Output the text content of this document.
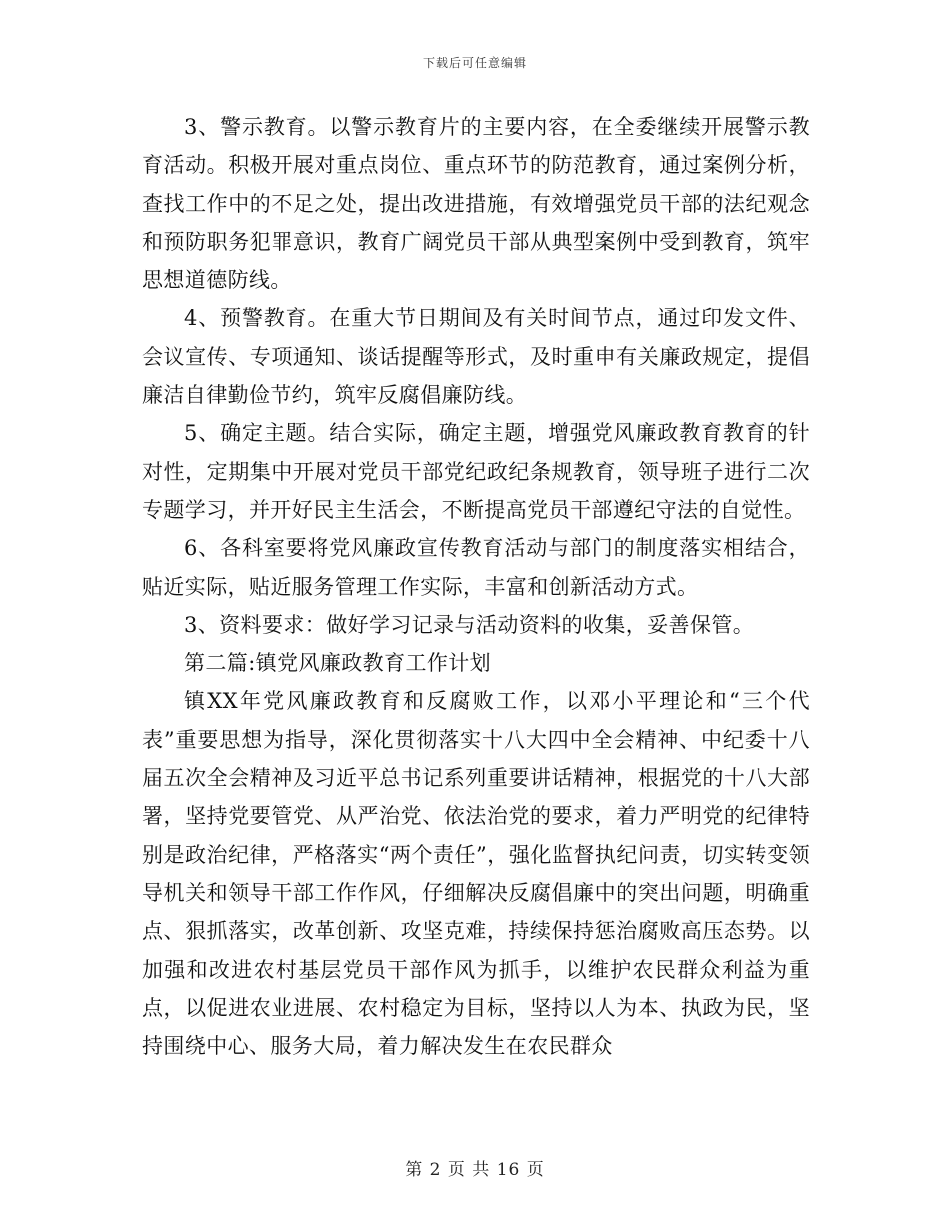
下载后可任意编辑

3、警示教育。以警示教育片的主要内容，在全委继续开展警示教育活动。积极开展对重点岗位、重点环节的防范教育，通过案例分析，查找工作中的不足之处，提出改进措施，有效增强党员干部的法纪观念和预防职务犯罪意识，教育广阔党员干部从典型案例中受到教育，筑牢思想道德防线。

4、预警教育。在重大节日期间及有关时间节点，通过印发文件、会议宣传、专项通知、谈话提醒等形式，及时重申有关廉政规定，提倡廉洁自律勤俭节约，筑牢反腐倡廉防线。

5、确定主题。结合实际，确定主题，增强党风廉政教育教育的针对性，定期集中开展对党员干部党纪政纪条规教育，领导班子进行二次专题学习，并开好民主生活会，不断提高党员干部遵纪守法的自觉性。

6、各科室要将党风廉政宣传教育活动与部门的制度落实相结合，贴近实际，贴近服务管理工作实际，丰富和创新活动方式。

3、资料要求：做好学习记录与活动资料的收集，妥善保管。

第二篇:镇党风廉政教育工作计划

镇XX年党风廉政教育和反腐败工作，以邓小平理论和“三个代表”重要思想为指导，深化贯彻落实十八大四中全会精神、中纪委十八届五次全会精神及习近平总书记系列重要讲话精神，根据党的十八大部署，坚持党要管党、从严治党、依法治党的要求，着力严明党的纪律特别是政治纪律，严格落实“两个责任”，强化监督执纪问责，切实转变领导机关和领导干部工作作风，仔细解决反腐倡廉中的突出问题，明确重点、狠抓落实，改革创新、攻坚克难，持续保持惩治腐败高压态势。以加强和改进农村基层党员干部作风为抓手，以维护农民群众利益为重点，以促进农业进展、农村稳定为目标，坚持以人为本、执政为民，坚持围绕中心、服务大局，着力解决发生在农民群众

第 2 页 共 16 页
